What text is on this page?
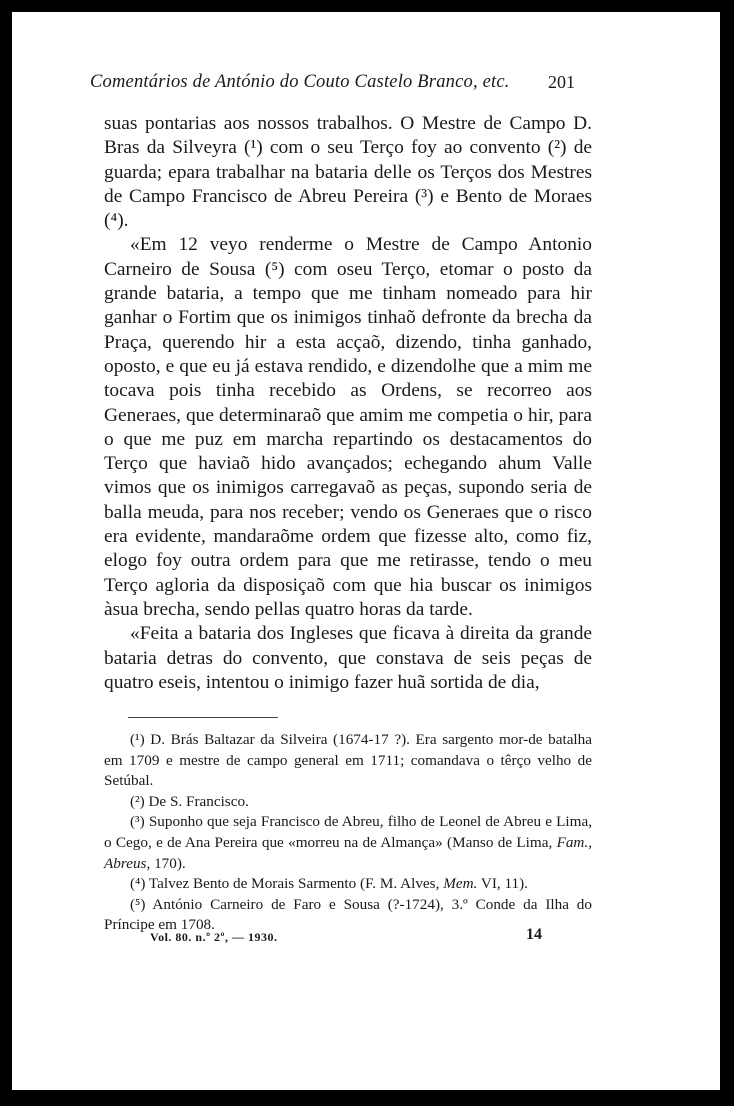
Comentários de António do Couto Castelo Branco, etc.	201

suas pontarias aos nossos trabalhos. O Mestre de Campo D. Bras da Silveyra (¹) com o seu Terço foy ao convento (²) de guarda; epara trabalhar na bataria delle os Terços dos Mestres de Campo Francisco de Abreu Pereira (³) e Bento de Moraes (⁴).

«Em 12 veyo renderme o Mestre de Campo Antonio Carneiro de Sousa (⁵) com oseu Terço, etomar o posto da grande bataria, a tempo que me tinham nomeado para hir ganhar o Fortim que os inimigos tinhaõ defronte da brecha da Praça, querendo hir a esta acçaõ, dizendo, tinha ganhado, oposto, e que eu já estava rendido, e dizendolhe que a mim me tocava pois tinha recebido as Ordens, se recorreo aos Generaes, que determinaraõ que amim me competia o hir, para o que me puz em marcha repartindo os destacamentos do Terço que haviaõ hido avançados; echegando ahum Valle vimos que os inimigos carregavaõ as peças, supondo seria de balla meuda, para nos receber; vendo os Generaes que o risco era evidente, mandaraõme ordem que fizesse alto, como fiz, elogo foy outra ordem para que me retirasse, tendo o meu Terço agloria da disposiçaõ com que hia buscar os inimigos àsua brecha, sendo pellas quatro horas da tarde.

«Feita a bataria dos Ingleses que ficava à direita da grande bataria detras do convento, que constava de seis peças de quatro eseis, intentou o inimigo fazer huã sortida de dia,

(¹) D. Brás Baltazar da Silveira (1674-17 ?). Era sargento mor-de batalha em 1709 e mestre de campo general em 1711; comandava o têrço velho de Setúbal.

(²) De S. Francisco.

(³) Suponho que seja Francisco de Abreu, filho de Leonel de Abreu e Lima, o Cego, e de Ana Pereira que «morreu na de Almança» (Manso de Lima, Fam., Abreus, 170).

(⁴) Talvez Bento de Morais Sarmento (F. M. Alves, Mem. VI, 11).

(⁵) António Carneiro de Faro e Sousa (?-1724), 3.º Conde da Ilha do Príncipe em 1708.

Vol. 80. n.º 2º, — 1930.	14
